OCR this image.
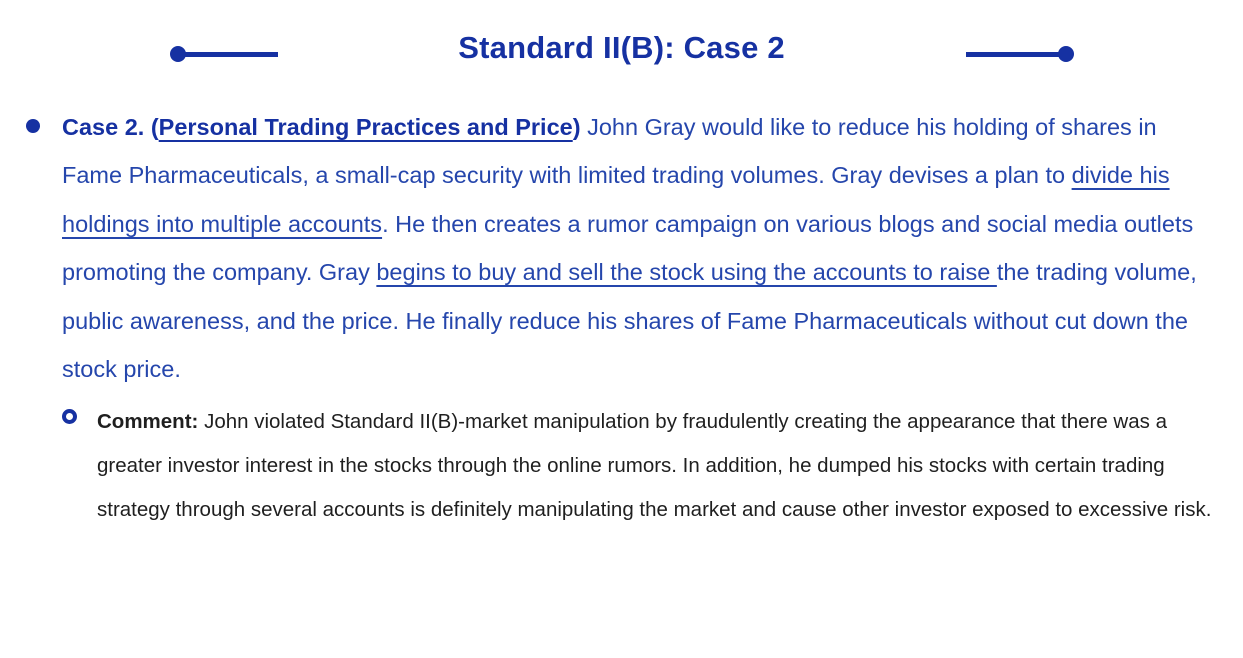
Standard II(B): Case 2

Case 2. (Personal Trading Practices and Price) John Gray would like to reduce his holding of shares in Fame Pharmaceuticals, a small-cap security with limited trading volumes. Gray devises a plan to divide his holdings into multiple accounts. He then creates a rumor campaign on various blogs and social media outlets promoting the company. Gray begins to buy and sell the stock using the accounts to raise the trading volume, public awareness, and the price. He finally reduce his shares of Fame Pharmaceuticals without cut down the stock price.

Comment: John violated Standard II(B)-market manipulation by fraudulently creating the appearance that there was a greater investor interest in the stocks through the online rumors. In addition, he dumped his stocks with certain trading strategy through several accounts is definitely manipulating the market and cause other investor exposed to excessive risk.
